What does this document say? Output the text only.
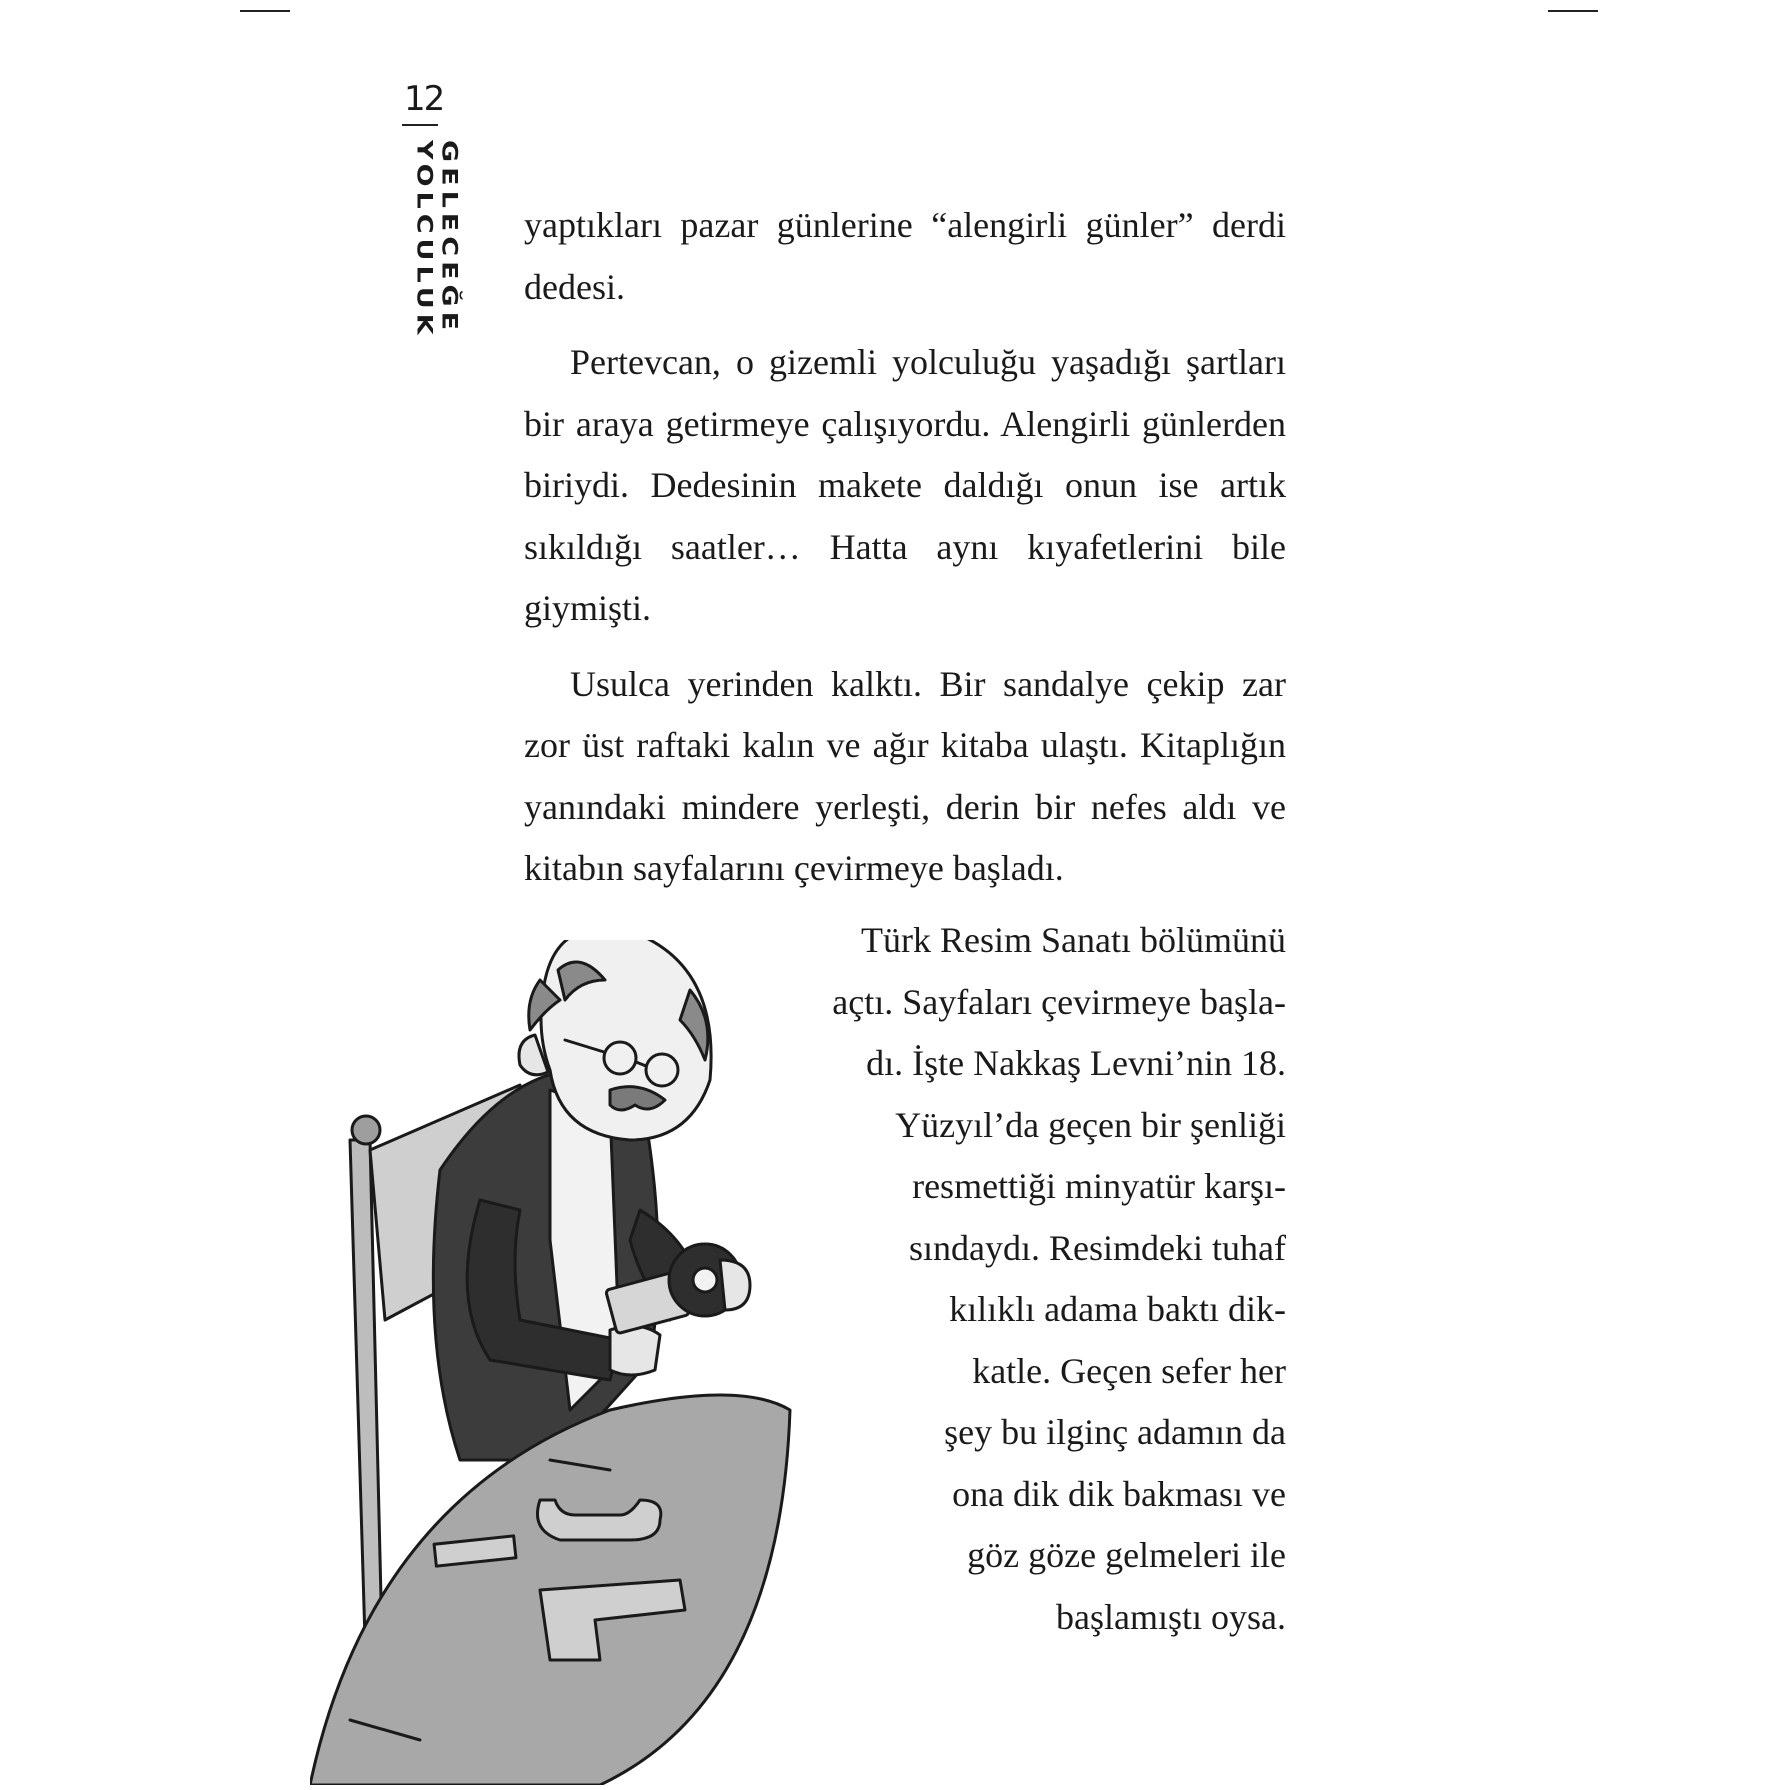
12
GELECEĞE YOLCULUK	yaptıkları pazar günlerine “alengirli günler” derdi dedesi.

Pertevcan, o gizemli yolculuğu yaşadığı şartları bir araya getirmeye çalışıyordu. Alengirli günlerden biriydi. Dedesinin makete daldığı onun ise artık sıkıldığı saatler… Hatta aynı kıyafetlerini bile giymişti.

Usulca yerinden kalktı. Bir sandalye çekip zar zor üst raftaki kalın ve ağır kitaba ulaştı. Kitaplığın yanındaki mindere yerleşti, derin bir nefes aldı ve kitabın sayfalarını çevirmeye başladı.

Türk Resim Sanatı bölümünü
açtı. Sayfaları çevirmeye başla-
dı. İşte Nakkaş Levni’nin 18.
Yüzyıl’da geçen bir şenliği
resmettiği minyatür karşı-
sındaydı. Resimdeki tuhaf
kılıklı adama baktı dik-
katle. Geçen sefer her
şey bu ilginç adamın da
ona dik dik bakması ve
göz göze gelmeleri ile
başlamıştı oysa.
